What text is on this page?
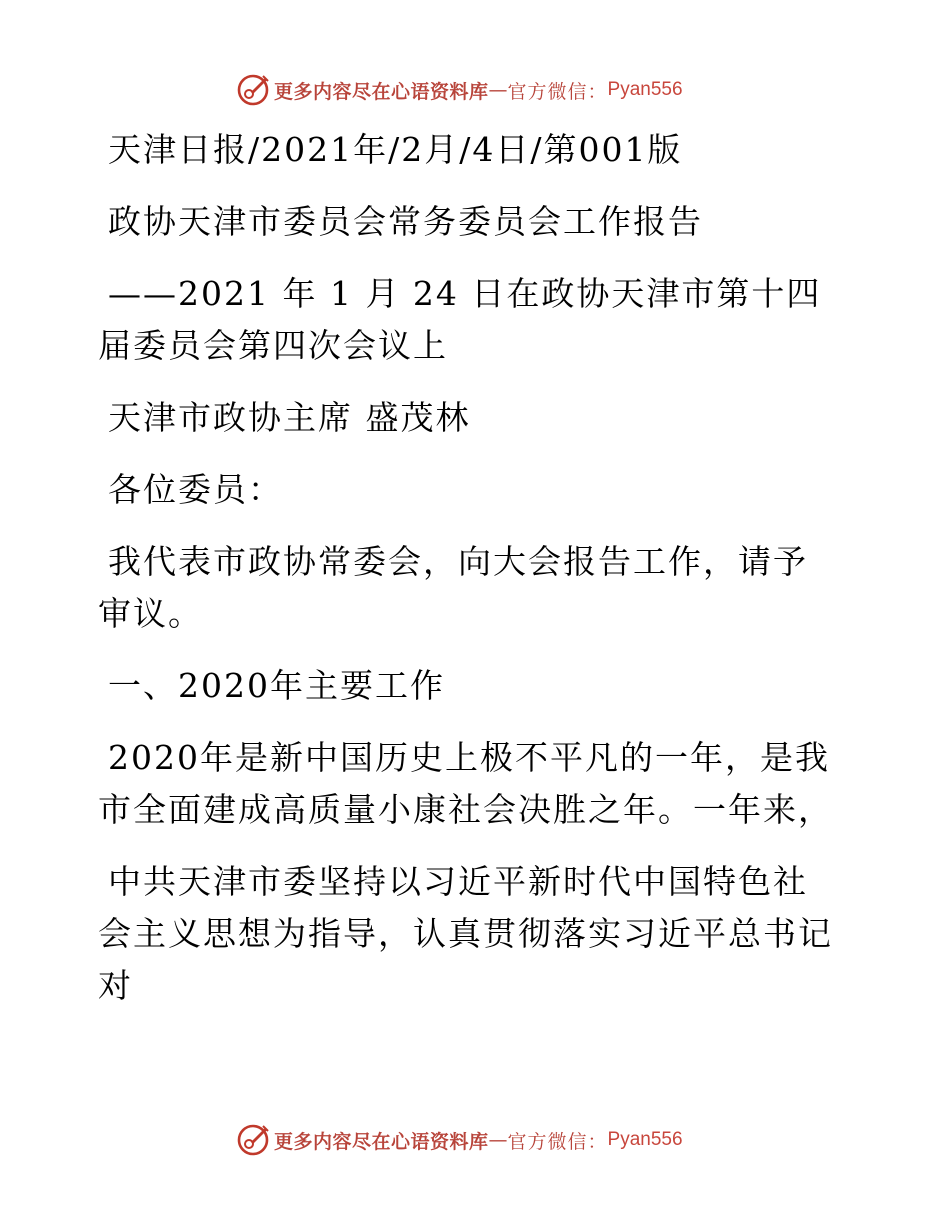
更多内容尽在心语资料库 — 官方微信： Pyan556

天津日报/2021年/2月/4日/第001版

政协天津市委员会常务委员会工作报告

——2021 年 1 月 24 日在政协天津市第十四届委员会第四次会议上

天津市政协主席 盛茂林

各位委员：

我代表市政协常委会，向大会报告工作，请予审议。

一、2020年主要工作

2020年是新中国历史上极不平凡的一年，是我市全面建成高质量小康社会决胜之年。一年来，

中共天津市委坚持以习近平新时代中国特色社会主义思想为指导，认真贯彻落实习近平总书记对

更多内容尽在心语资料库 — 官方微信： Pyan556
